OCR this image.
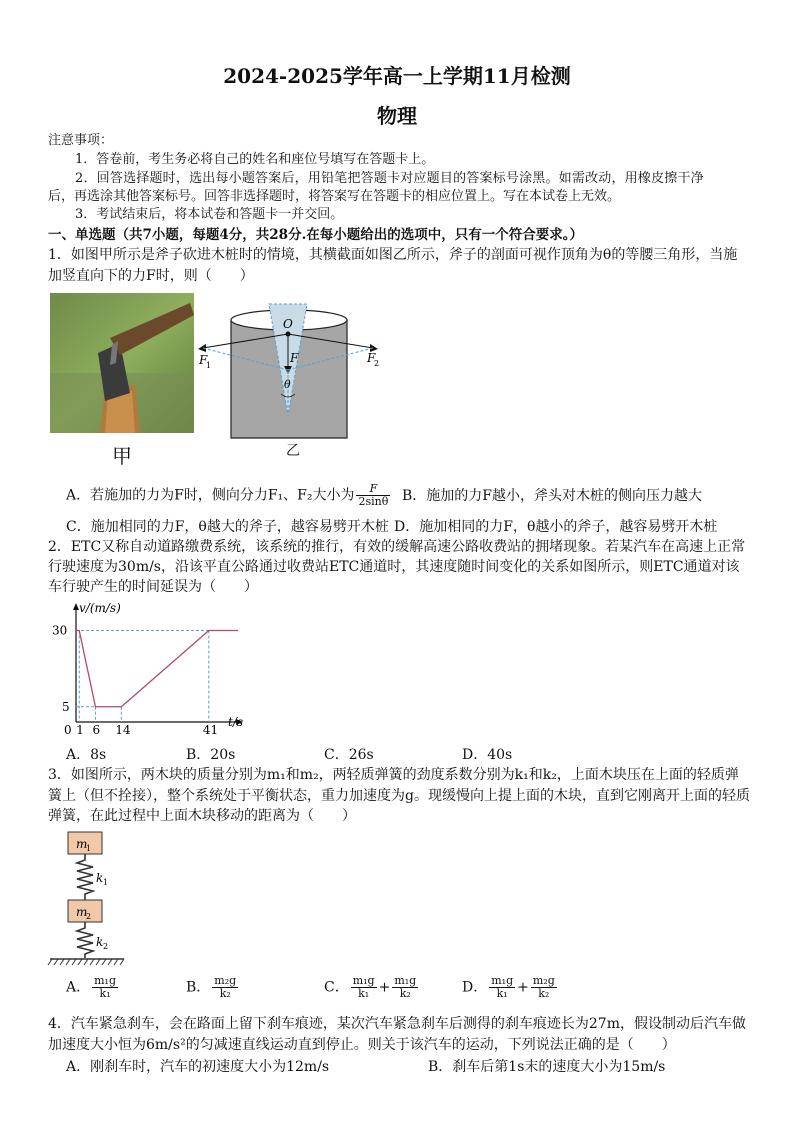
2024-2025学年高一上学期11月检测
物理
注意事项：
1．答卷前，考生务必将自己的姓名和座位号填写在答题卡上。
2．回答选择题时，选出每小题答案后，用铅笔把答题卡对应题目的答案标号涂黑。如需改动，用橡皮擦干净
后，再选涂其他答案标号。回答非选择题时，将答案写在答题卡的相应位置上。写在本试卷上无效。
3．考试结束后，将本试卷和答题卡一并交回。
一、单选题（共7小题，每题4分，共28分.在每小题给出的选项中，只有一个符合要求。）
1．如图甲所示是斧子砍进木桩时的情境，其横截面如图乙所示，斧子的剖面可视作顶角为θ的等腰三角形，当施
加竖直向下的力F时，则（　　）
甲
O
F
F
1
F
2
θ
乙
A．若施加的力为F时，侧向分力F₁、F₂大小为 $\frac{F}{2\sin\theta}$ B．施加的力F越小，斧头对木桩的侧向压力越大
C．施加相同的力F，θ越大的斧子，越容易劈开木桩 D．施加相同的力F，θ越小的斧子，越容易劈开木桩
2．ETC又称自动道路缴费系统，该系统的推行，有效的缓解高速公路收费站的拥堵现象。若某汽车在高速上正常
行驶速度为30m/s，沿该平直公路通过收费站ETC通道时，其速度随时间变化的关系如图所示，则ETC通道对该
车行驶产生的时间延误为（　　）
v/(m/s)
t/s
0 1 6 14	41
5
30
A．8s	B．20s	C．26s	D．40s
3．如图所示，两木块的质量分别为m₁和m₂，两轻质弹簧的劲度系数分别为k₁和k₂，上面木块压在上面的轻质弹
簧上（但不拴接），整个系统处于平衡状态，重力加速度为g。现缓慢向上提上面的木块，直到它刚离开上面的轻质
弹簧，在此过程中上面木块移动的距离为（　　）
m
1
k 1
m
2
k 2
A． $\frac{\text{m₁g}}{\text{k₁}}$	B． $\frac{\text{m₂g}}{\text{k₂}}$	C． $\frac{\text{m₁g}}{\text{k₁}} + \frac{\text{m₁g}}{\text{k₂}}$	D． $\frac{\text{m₁g}}{\text{k₁}} + \frac{\text{m₂g}}{\text{k₂}}$
4．汽车紧急刹车，会在路面上留下刹车痕迹，某次汽车紧急刹车后测得的刹车痕迹长为27m，假设制动后汽车做
加速度大小恒为6m/s²的匀减速直线运动直到停止。则关于该汽车的运动，下列说法正确的是（　　）
A．刚刹车时，汽车的初速度大小为12m/s	B．刹车后第1s末的速度大小为15m/s
